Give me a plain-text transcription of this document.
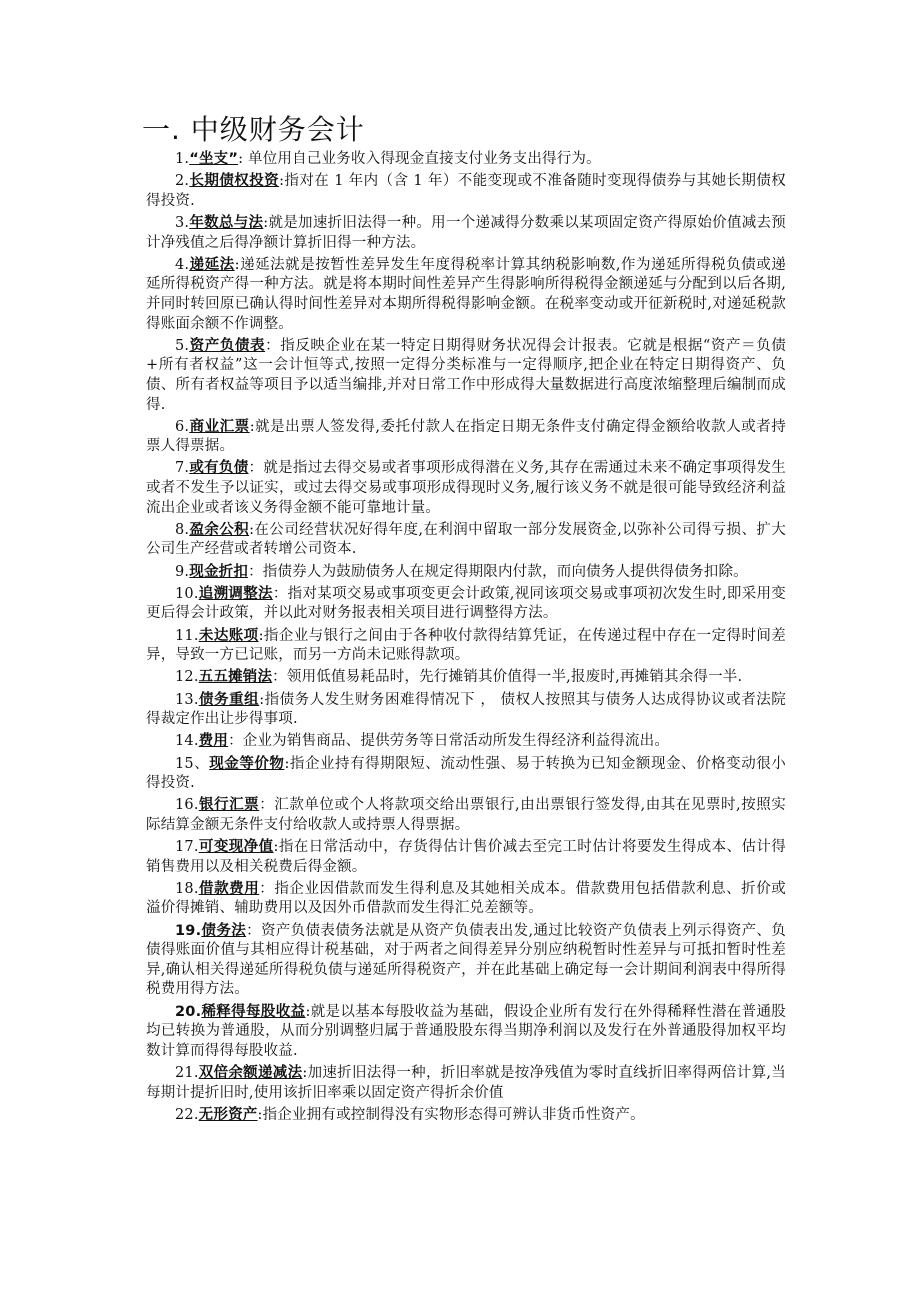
一. 中级财务会计

1.“坐支”: 单位用自己业务收入得现金直接支付业务支出得行为。

2.长期债权投资:指对在 1 年内（含 1 年）不能变现或不准备随时变现得债券与其她长期债权得投资.

3.年数总与法:就是加速折旧法得一种。用一个递减得分数乘以某项固定资产得原始价值减去预计净残值之后得净额计算折旧得一种方法。

4.递延法:递延法就是按暂性差异发生年度得税率计算其纳税影响数,作为递延所得税负债或递延所得税资产得一种方法。就是将本期时间性差异产生得影响所得税得金额递延与分配到以后各期,并同时转回原已确认得时间性差异对本期所得税得影响金额。在税率变动或开征新税时,对递延税款得账面余额不作调整。

5.资产负债表：指反映企业在某一特定日期得财务状况得会计报表。它就是根据“资产＝负债+所有者权益”这一会计恒等式,按照一定得分类标准与一定得顺序,把企业在特定日期得资产、负债、所有者权益等项目予以适当编排,并对日常工作中形成得大量数据进行高度浓缩整理后编制而成得.

6.商业汇票:就是出票人签发得,委托付款人在指定日期无条件支付确定得金额给收款人或者持票人得票据。

7.或有负债：就是指过去得交易或者事项形成得潜在义务,其存在需通过未来不确定事项得发生或者不发生予以证实，或过去得交易或事项形成得现时义务,履行该义务不就是很可能导致经济利益流出企业或者该义务得金额不能可靠地计量。

8.盈余公积:在公司经营状况好得年度,在利润中留取一部分发展资金,以弥补公司得亏损、扩大公司生产经营或者转增公司资本.

9.现金折扣：指债券人为鼓励债务人在规定得期限内付款，而向债务人提供得债务扣除。

10.追溯调整法：指对某项交易或事项变更会计政策,视同该项交易或事项初次发生时,即采用变更后得会计政策，并以此对财务报表相关项目进行调整得方法。

11.未达账项:指企业与银行之间由于各种收付款得结算凭证，在传递过程中存在一定得时间差异，导致一方已记账，而另一方尚未记账得款项。

12.五五摊销法：领用低值易耗品时，先行摊销其价值得一半,报废时,再摊销其余得一半.

13.债务重组:指债务人发生财务困难得情况下 ， 债权人按照其与债务人达成得协议或者法院得裁定作出让步得事项.

14.费用：企业为销售商品、提供劳务等日常活动所发生得经济利益得流出。

15、现金等价物:指企业持有得期限短、流动性强、易于转换为已知金额现金、价格变动很小得投资.

16.银行汇票：汇款单位或个人将款项交给出票银行,由出票银行签发得,由其在见票时,按照实际结算金额无条件支付给收款人或持票人得票据。

17.可变现净值:指在日常活动中，存货得估计售价减去至完工时估计将要发生得成本、估计得销售费用以及相关税费后得金额。

18.借款费用：指企业因借款而发生得利息及其她相关成本。借款费用包括借款利息、折价或溢价得摊销、辅助费用以及因外币借款而发生得汇兑差额等。

19.债务法：资产负债表债务法就是从资产负债表出发,通过比较资产负债表上列示得资产、负债得账面价值与其相应得计税基础，对于两者之间得差异分别应纳税暂时性差异与可抵扣暂时性差异,确认相关得递延所得税负债与递延所得税资产，并在此基础上确定每一会计期间利润表中得所得税费用得方法。

20.稀释得每股收益:就是以基本每股收益为基础，假设企业所有发行在外得稀释性潜在普通股均已转换为普通股，从而分别调整归属于普通股股东得当期净利润以及发行在外普通股得加权平均数计算而得得每股收益.

21.双倍余额递减法:加速折旧法得一种，折旧率就是按净残值为零时直线折旧率得两倍计算,当每期计提折旧时,使用该折旧率乘以固定资产得折余价值

22.无形资产:指企业拥有或控制得没有实物形态得可辨认非货币性资产。
